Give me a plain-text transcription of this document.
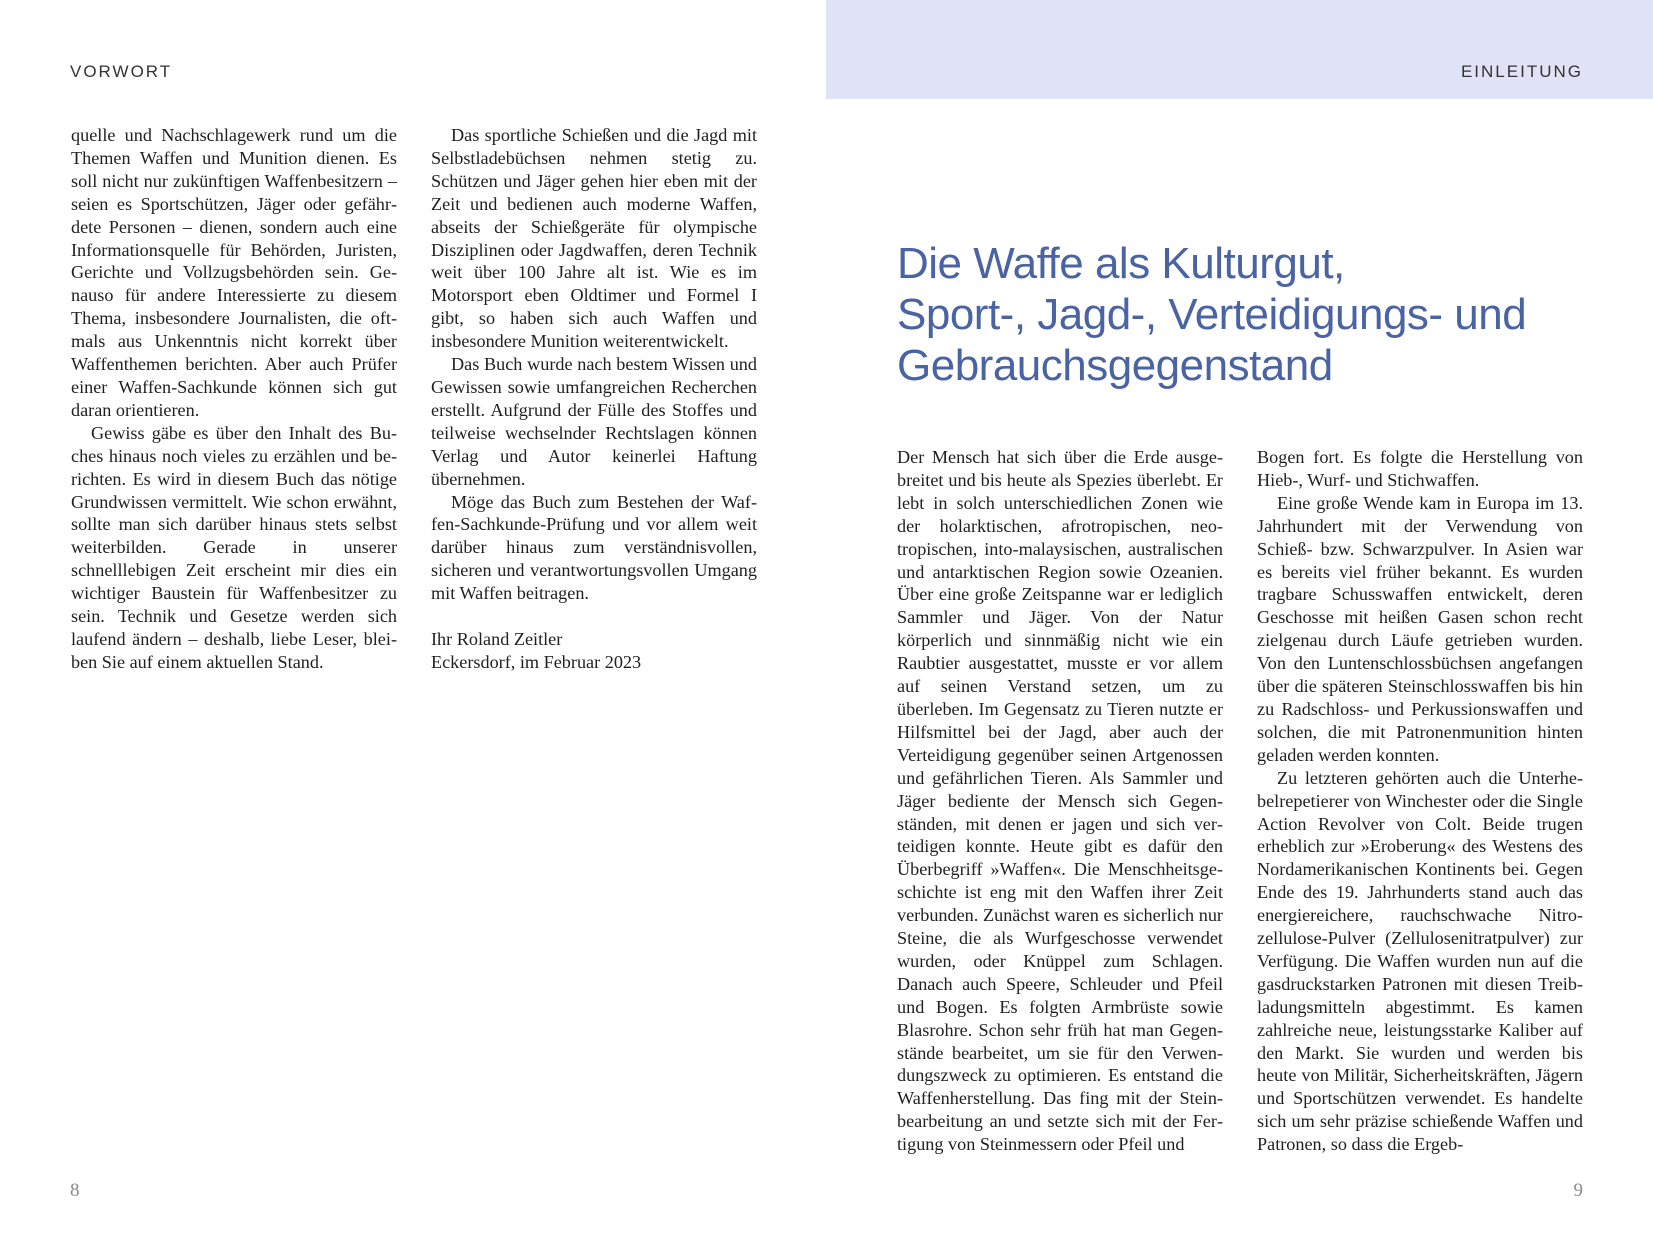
VORWORT

quelle und Nachschlagewerk rund um die Themen Waffen und Munition dienen. Es soll nicht nur zukünftigen Waffenbesitzern – seien es Sportschützen, Jäger oder gefährdete Personen – dienen, sondern auch eine Informationsquelle für Behörden, Juristen, Gerichte und Vollzugsbehörden sein. Genauso für andere Interessierte zu diesem Thema, insbesondere Journalisten, die oftmals aus Unkenntnis nicht korrekt über Waffenthemen berichten. Aber auch Prüfer einer Waffen-Sachkunde können sich gut daran orientieren.

Gewiss gäbe es über den Inhalt des Buches hinaus noch vieles zu erzählen und berichten. Es wird in diesem Buch das nötige Grundwissen vermittelt. Wie schon erwähnt, sollte man sich darüber hinaus stets selbst weiterbilden. Gerade in unserer schnelllebigen Zeit erscheint mir dies ein wichtiger Baustein für Waffenbesitzer zu sein. Technik und Gesetze werden sich laufend ändern – deshalb, liebe Leser, bleiben Sie auf einem aktuellen Stand.

Das sportliche Schießen und die Jagd mit Selbstladebüchsen nehmen stetig zu. Schützen und Jäger gehen hier eben mit der Zeit und bedienen auch moderne Waffen, abseits der Schießgeräte für olympische Disziplinen oder Jagdwaffen, deren Technik weit über 100 Jahre alt ist. Wie es im Motorsport eben Oldtimer und Formel I gibt, so haben sich auch Waffen und insbesondere Munition weiterentwickelt.

Das Buch wurde nach bestem Wissen und Gewissen sowie umfangreichen Recherchen erstellt. Aufgrund der Fülle des Stoffes und teilweise wechselnder Rechtslagen können Verlag und Autor keinerlei Haftung übernehmen.

Möge das Buch zum Bestehen der Waffen-Sachkunde-Prüfung und vor allem weit darüber hinaus zum verständnisvollen, sicheren und verantwortungsvollen Umgang mit Waffen beitragen.

Ihr Roland Zeitler

Eckersdorf, im Februar 2023

8
EINLEITUNG
Die Waffe als Kulturgut,
Sport-, Jagd-, Verteidigungs- und
Gebrauchsgegenstand

Der Mensch hat sich über die Erde ausgebreitet und bis heute als Spezies überlebt. Er lebt in solch unterschiedlichen Zonen wie der holarktischen, afrotropischen, neotropischen, into-malaysischen, australischen und antarktischen Region sowie Ozeanien. Über eine große Zeitspanne war er lediglich Sammler und Jäger. Von der Natur körperlich und sinnmäßig nicht wie ein Raubtier ausgestattet, musste er vor allem auf seinen Verstand setzen, um zu überleben. Im Gegensatz zu Tieren nutzte er Hilfsmittel bei der Jagd, aber auch der Verteidigung gegenüber seinen Artgenossen und gefährlichen Tieren. Als Sammler und Jäger bediente der Mensch sich Gegenständen, mit denen er jagen und sich verteidigen konnte. Heute gibt es dafür den Überbegriff »Waffen«. Die Menschheitsgeschichte ist eng mit den Waffen ihrer Zeit verbunden. Zunächst waren es sicherlich nur Steine, die als Wurfgeschosse verwendet wurden, oder Knüppel zum Schlagen. Danach auch Speere, Schleuder und Pfeil und Bogen. Es folgten Armbrüste sowie Blasrohre. Schon sehr früh hat man Gegenstände bearbeitet, um sie für den Verwendungszweck zu optimieren. Es entstand die Waffenherstellung. Das fing mit der Steinbearbeitung an und setzte sich mit der Fertigung von Steinmessern oder Pfeil und

Bogen fort. Es folgte die Herstellung von Hieb-, Wurf- und Stichwaffen.

Eine große Wende kam in Europa im 13. Jahrhundert mit der Verwendung von Schieß- bzw. Schwarzpulver. In Asien war es bereits viel früher bekannt. Es wurden tragbare Schusswaffen entwickelt, deren Geschosse mit heißen Gasen schon recht zielgenau durch Läufe getrieben wurden. Von den Luntenschlossbüchsen angefangen über die späteren Steinschlosswaffen bis hin zu Radschloss- und Perkussionswaffen und solchen, die mit Patronenmunition hinten geladen werden konnten.

Zu letzteren gehörten auch die Unterhebelrepetierer von Winchester oder die Single Action Revolver von Colt. Beide trugen erheblich zur »Eroberung« des Westens des Nordamerikanischen Kontinents bei. Gegen Ende des 19. Jahrhunderts stand auch das energiereichere, rauchschwache Nitrozellulose-Pulver (Zellulosenitratpulver) zur Verfügung. Die Waffen wurden nun auf die gasdruckstarken Patronen mit diesen Treibladungsmitteln abgestimmt. Es kamen zahlreiche neue, leistungsstarke Kaliber auf den Markt. Sie wurden und werden bis heute von Militär, Sicherheitskräften, Jägern und Sportschützen verwendet. Es handelte sich um sehr präzise schießende Waffen und Patronen, so dass die Ergeb-

9
